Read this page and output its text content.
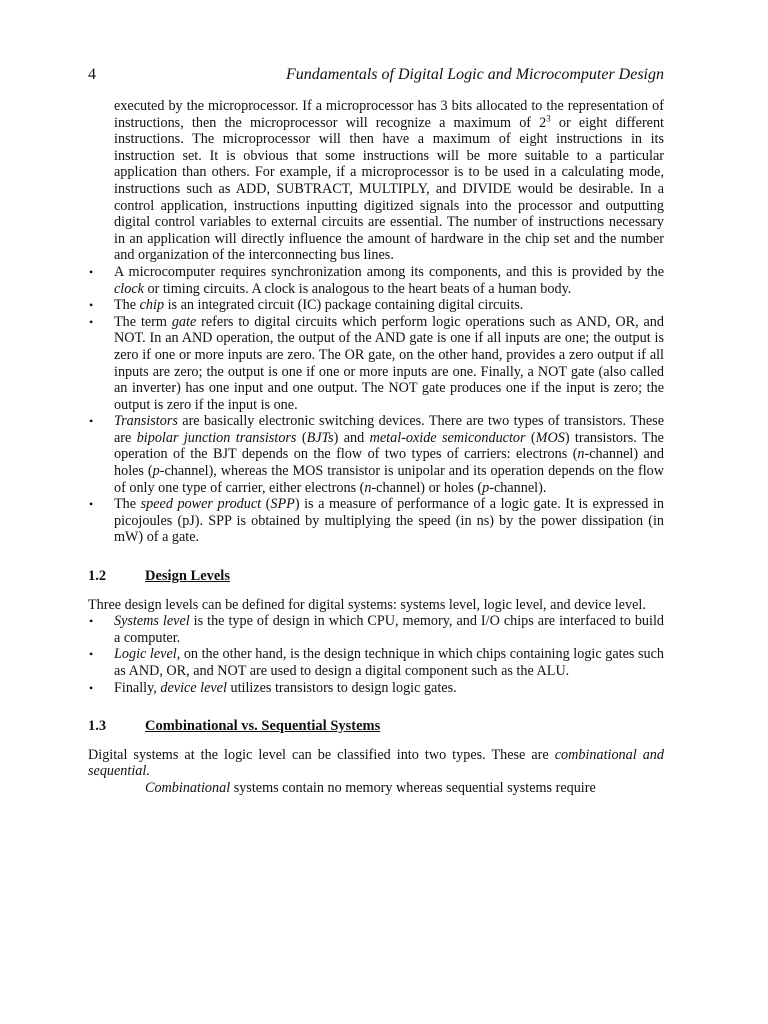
4	Fundamentals of Digital Logic and Microcomputer Design

executed by the microprocessor. If a microprocessor has 3 bits allocated to the representation of instructions, then the microprocessor will recognize a maximum of $2^3$ or eight different instructions. The microprocessor will then have a maximum of eight instructions in its instruction set. It is obvious that some instructions will be more suitable to a particular application than others. For example, if a microprocessor is to be used in a calculating mode, instructions such as ADD, SUBTRACT, MULTIPLY, and DIVIDE would be desirable. In a control application, instructions inputting digitized signals into the processor and outputting digital control variables to external circuits are essential. The number of instructions necessary in an application will directly influence the amount of hardware in the chip set and the number and organization of the interconnecting bus lines.

• A microcomputer requires synchronization among its components, and this is provided by the clock or timing circuits. A clock is analogous to the heart beats of a human body.
• The chip is an integrated circuit (IC) package containing digital circuits.
• The term gate refers to digital circuits which perform logic operations such as AND, OR, and NOT. In an AND operation, the output of the AND gate is one if all inputs are one; the output is zero if one or more inputs are zero. The OR gate, on the other hand, provides a zero output if all inputs are zero; the output is one if one or more inputs are one. Finally, a NOT gate (also called an inverter) has one input and one output. The NOT gate produces one if the input is zero; the output is zero if the input is one.
• Transistors are basically electronic switching devices. There are two types of transistors. These are bipolar junction transistors (BJTs) and metal-oxide semiconductor (MOS) transistors. The operation of the BJT depends on the flow of two types of carriers: electrons (n-channel) and holes (p-channel), whereas the MOS transistor is unipolar and its operation depends on the flow of only one type of carrier, either electrons (n-channel) or holes (p-channel).
• The speed power product (SPP) is a measure of performance of a logic gate. It is expressed in picojoules (pJ). SPP is obtained by multiplying the speed (in ns) by the power dissipation (in mW) of a gate.
1.2	Design Levels

Three design levels can be defined for digital systems: systems level, logic level, and device level.

• Systems level is the type of design in which CPU, memory, and I/O chips are interfaced to build a computer.
• Logic level, on the other hand, is the design technique in which chips containing logic gates such as AND, OR, and NOT are used to design a digital component such as the ALU.
• Finally, device level utilizes transistors to design logic gates.
1.3	Combinational vs. Sequential Systems

Digital systems at the logic level can be classified into two types. These are combinational and sequential.

Combinational systems contain no memory whereas sequential systems require
